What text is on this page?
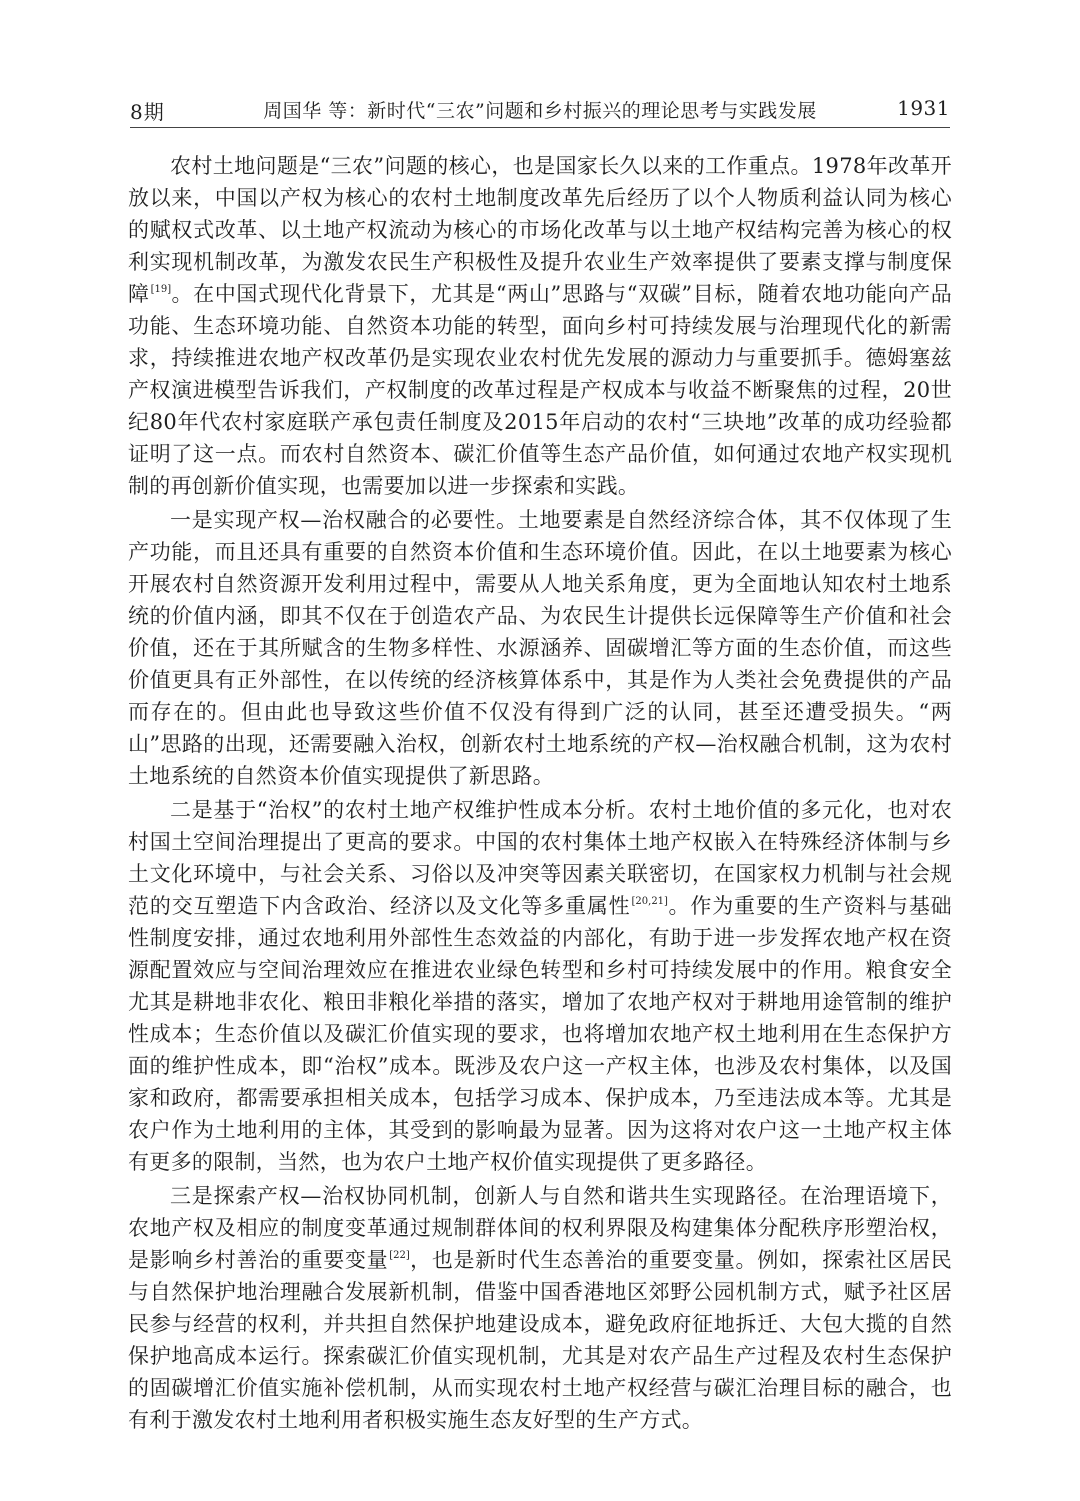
8期	周国华 等：新时代“三农”问题和乡村振兴的理论思考与实践发展	1931

农村土地问题是“三农”问题的核心，也是国家长久以来的工作重点。1978年改革开放以来，中国以产权为核心的农村土地制度改革先后经历了以个人物质利益认同为核心的赋权式改革、以土地产权流动为核心的市场化改革与以土地产权结构完善为核心的权利实现机制改革，为激发农民生产积极性及提升农业生产效率提供了要素支撑与制度保障[19]。在中国式现代化背景下，尤其是“两山”思路与“双碳”目标，随着农地功能向产品功能、生态环境功能、自然资本功能的转型，面向乡村可持续发展与治理现代化的新需求，持续推进农地产权改革仍是实现农业农村优先发展的源动力与重要抓手。德姆塞兹产权演进模型告诉我们，产权制度的改革过程是产权成本与收益不断聚焦的过程，20世纪80年代农村家庭联产承包责任制度及2015年启动的农村“三块地”改革的成功经验都证明了这一点。而农村自然资本、碳汇价值等生态产品价值，如何通过农地产权实现机制的再创新价值实现，也需要加以进一步探索和实践。

一是实现产权—治权融合的必要性。土地要素是自然经济综合体，其不仅体现了生产功能，而且还具有重要的自然资本价值和生态环境价值。因此，在以土地要素为核心开展农村自然资源开发利用过程中，需要从人地关系角度，更为全面地认知农村土地系统的价值内涵，即其不仅在于创造农产品、为农民生计提供长远保障等生产价值和社会价值，还在于其所赋含的生物多样性、水源涵养、固碳增汇等方面的生态价值，而这些价值更具有正外部性，在以传统的经济核算体系中，其是作为人类社会免费提供的产品而存在的。但由此也导致这些价值不仅没有得到广泛的认同，甚至还遭受损失。“两山”思路的出现，还需要融入治权，创新农村土地系统的产权—治权融合机制，这为农村土地系统的自然资本价值实现提供了新思路。

二是基于“治权”的农村土地产权维护性成本分析。农村土地价值的多元化，也对农村国土空间治理提出了更高的要求。中国的农村集体土地产权嵌入在特殊经济体制与乡土文化环境中，与社会关系、习俗以及冲突等因素关联密切，在国家权力机制与社会规范的交互塑造下内含政治、经济以及文化等多重属性[20,21]。作为重要的生产资料与基础性制度安排，通过农地利用外部性生态效益的内部化，有助于进一步发挥农地产权在资源配置效应与空间治理效应在推进农业绿色转型和乡村可持续发展中的作用。粮食安全尤其是耕地非农化、粮田非粮化举措的落实，增加了农地产权对于耕地用途管制的维护性成本；生态价值以及碳汇价值实现的要求，也将增加农地产权土地利用在生态保护方面的维护性成本，即“治权”成本。既涉及农户这一产权主体，也涉及农村集体，以及国家和政府，都需要承担相关成本，包括学习成本、保护成本，乃至违法成本等。尤其是农户作为土地利用的主体，其受到的影响最为显著。因为这将对农户这一土地产权主体有更多的限制，当然，也为农户土地产权价值实现提供了更多路径。

三是探索产权—治权协同机制，创新人与自然和谐共生实现路径。在治理语境下，农地产权及相应的制度变革通过规制群体间的权利界限及构建集体分配秩序形塑治权，是影响乡村善治的重要变量[22]，也是新时代生态善治的重要变量。例如，探索社区居民与自然保护地治理融合发展新机制，借鉴中国香港地区郊野公园机制方式，赋予社区居民参与经营的权利，并共担自然保护地建设成本，避免政府征地拆迁、大包大揽的自然保护地高成本运行。探索碳汇价值实现机制，尤其是对农产品生产过程及农村生态保护的固碳增汇价值实施补偿机制，从而实现农村土地产权经营与碳汇治理目标的融合，也有利于激发农村土地利用者积极实施生态友好型的生产方式。
